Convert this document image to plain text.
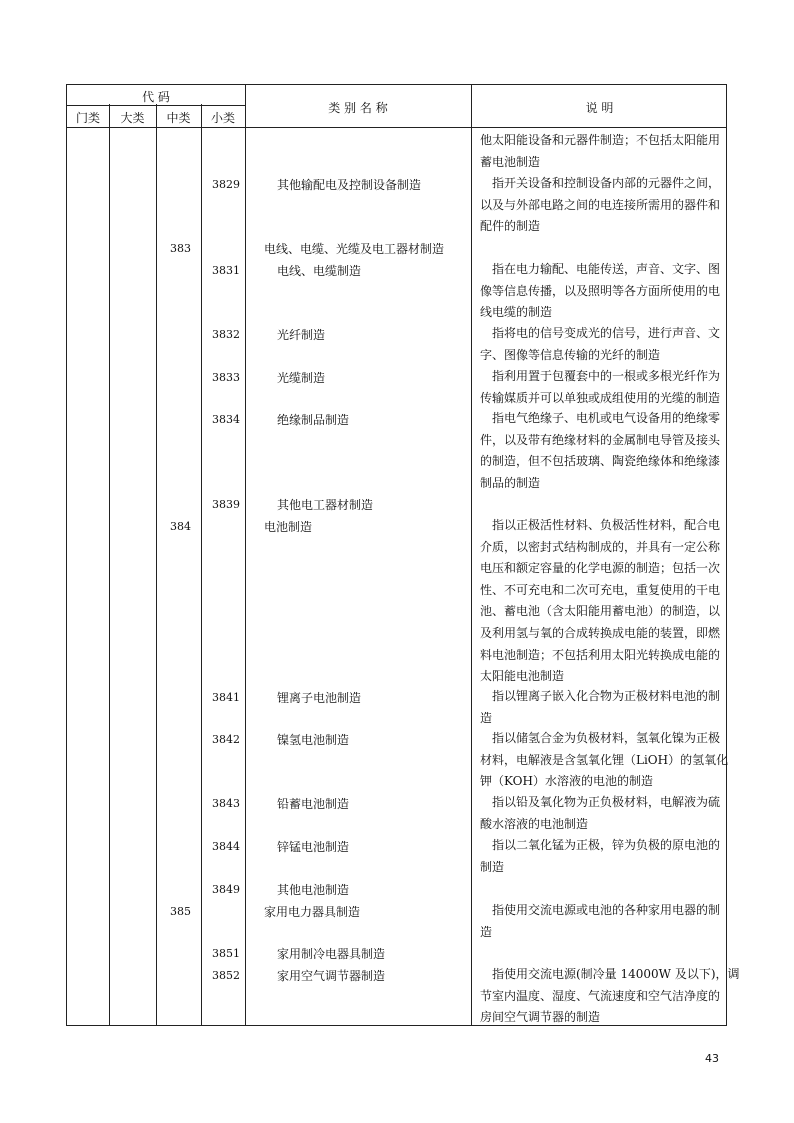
代 码
门类	大类	中类	小类
类 别 名 称	说 明

他太阳能设备和元器件制造；不包括太阳能用

蓄电池制造

3829	其他输配电及控制设备制造	指开关设备和控制设备内部的元器件之间，

以及与外部电路之间的电连接所需用的器件和

配件的制造

383	电线、电缆、光缆及电工器材制造
3831	电线、电缆制造	指在电力输配、电能传送，声音、文字、图

像等信息传播，以及照明等各方面所使用的电

线电缆的制造

3832	光纤制造	指将电的信号变成光的信号，进行声音、文

字、图像等信息传输的光纤的制造

3833	光缆制造	指利用置于包覆套中的一根或多根光纤作为

传输媒质并可以单独或成组使用的光缆的制造

3834	绝缘制品制造	指电气绝缘子、电机或电气设备用的绝缘零

件，以及带有绝缘材料的金属制电导管及接头

的制造，但不包括玻璃、陶瓷绝缘体和绝缘漆

制品的制造

3839	其他电工器材制造
384	电池制造	指以正极活性材料、负极活性材料，配合电

介质，以密封式结构制成的，并具有一定公称

电压和额定容量的化学电源的制造；包括一次

性、不可充电和二次可充电，重复使用的干电

池、蓄电池（含太阳能用蓄电池）的制造，以

及利用氢与氧的合成转换成电能的装置，即燃

料电池制造；不包括利用太阳光转换成电能的

太阳能电池制造

3841	锂离子电池制造	指以锂离子嵌入化合物为正极材料电池的制

造

3842	镍氢电池制造	指以储氢合金为负极材料，氢氧化镍为正极

材料，电解液是含氢氧化锂（LiOH）的氢氧化

钾（KOH）水溶液的电池的制造

3843	铅蓄电池制造	指以铅及氧化物为正负极材料，电解液为硫

酸水溶液的电池制造

3844	锌锰电池制造	指以二氧化锰为正极，锌为负极的原电池的

制造

3849	其他电池制造
385	家用电力器具制造	指使用交流电源或电池的各种家用电器的制

造

3851	家用制冷电器具制造
3852	家用空气调节器制造	指使用交流电源(制冷量 14000W 及以下)，调

节室内温度、湿度、气流速度和空气洁净度的

房间空气调节器的制造

43
